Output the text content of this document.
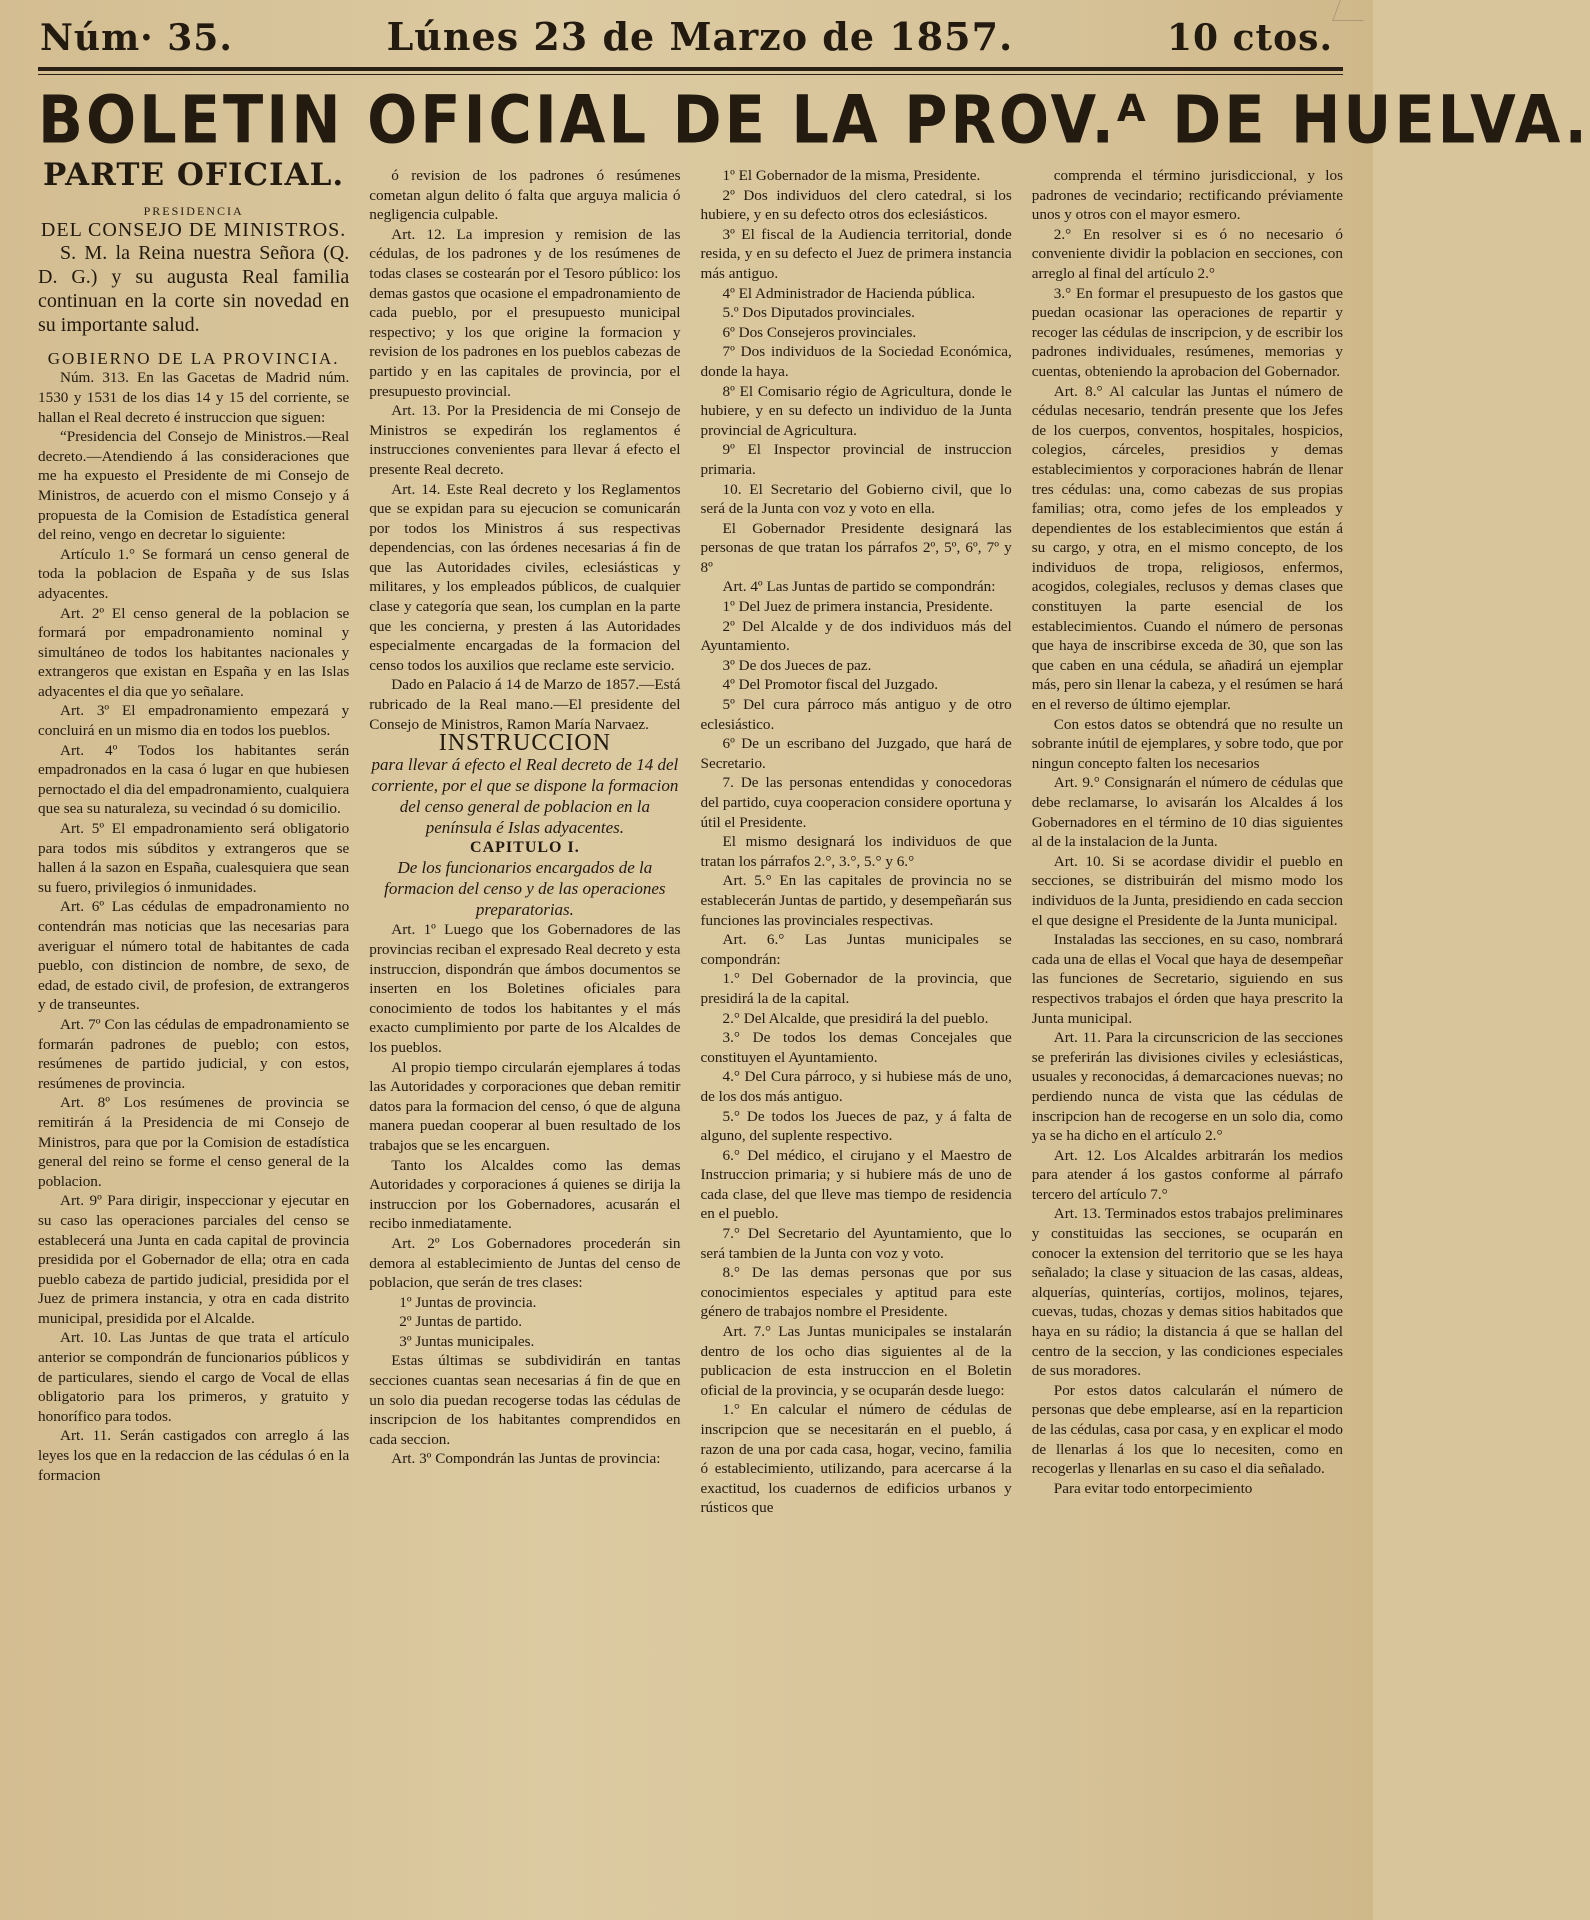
Núm· 35.	Lúnes 23 de Marzo de 1857.	10 ctos.
BOLETIN OFICIAL DE LA PROV.ᴬ DE HUELVA.
PARTE OFICIAL.

PRESIDENCIA

DEL CONSEJO DE MINISTROS.

S. M. la Reina nuestra Señora (Q. D. G.) y su augusta Real familia continuan en la corte sin novedad en su importante salud.

GOBIERNO DE LA PROVINCIA.

Núm. 313. En las Gacetas de Madrid núm. 1530 y 1531 de los dias 14 y 15 del corriente, se hallan el Real decreto é instruccion que siguen:

“Presidencia del Consejo de Ministros.—Real decreto.—Atendiendo á las consideraciones que me ha expuesto el Presidente de mi Consejo de Ministros, de acuerdo con el mismo Consejo y á propuesta de la Comision de Estadística general del reino, vengo en decretar lo siguiente:

Artículo 1.° Se formará un censo general de toda la poblacion de España y de sus Islas adyacentes.

Art. 2º El censo general de la poblacion se formará por empadronamiento nominal y simultáneo de todos los habitantes nacionales y extrangeros que existan en España y en las Islas adyacentes el dia que yo señalare.

Art. 3º El empadronamiento empezará y concluirá en un mismo dia en todos los pueblos.

Art. 4º Todos los habitantes serán empadronados en la casa ó lugar en que hubiesen pernoctado el dia del empadronamiento, cualquiera que sea su naturaleza, su vecindad ó su domicilio.

Art. 5º El empadronamiento será obligatorio para todos mis súbditos y extrangeros que se hallen á la sazon en España, cualesquiera que sean su fuero, privilegios ó inmunidades.

Art. 6º Las cédulas de empadronamiento no contendrán mas noticias que las necesarias para averiguar el número total de habitantes de cada pueblo, con distincion de nombre, de sexo, de edad, de estado civil, de profesion, de extrangeros y de transeuntes.

Art. 7º Con las cédulas de empadronamiento se formarán padrones de pueblo; con estos, resúmenes de partido judicial, y con estos, resúmenes de provincia.

Art. 8º Los resúmenes de provincia se remitirán á la Presidencia de mi Consejo de Ministros, para que por la Comision de estadística general del reino se forme el censo general de la poblacion.

Art. 9º Para dirigir, inspeccionar y ejecutar en su caso las operaciones parciales del censo se establecerá una Junta en cada capital de provincia presidida por el Gobernador de ella; otra en cada pueblo cabeza de partido judicial, presidida por el Juez de primera instancia, y otra en cada distrito municipal, presidida por el Alcalde.

Art. 10. Las Juntas de que trata el artículo anterior se compondrán de funcionarios públicos y de particulares, siendo el cargo de Vocal de ellas obligatorio para los primeros, y gratuito y honorífico para todos.

Art. 11. Serán castigados con arreglo á las leyes los que en la redaccion de las cédulas ó en la formacion

ó revision de los padrones ó resúmenes cometan algun delito ó falta que arguya malicia ó negligencia culpable.

Art. 12. La impresion y remision de las cédulas, de los padrones y de los resúmenes de todas clases se costearán por el Tesoro público: los demas gastos que ocasione el empadronamiento de cada pueblo, por el presupuesto municipal respectivo; y los que origine la formacion y revision de los padrones en los pueblos cabezas de partido y en las capitales de provincia, por el presupuesto provincial.

Art. 13. Por la Presidencia de mi Consejo de Ministros se expedirán los reglamentos é instrucciones convenientes para llevar á efecto el presente Real decreto.

Art. 14. Este Real decreto y los Reglamentos que se expidan para su ejecucion se comunicarán por todos los Ministros á sus respectivas dependencias, con las órdenes necesarias á fin de que las Autoridades civiles, eclesiásticas y militares, y los empleados públicos, de cualquier clase y categoría que sean, los cumplan en la parte que les concierna, y presten á las Autoridades especialmente encargadas de la formacion del censo todos los auxilios que reclame este servicio.

Dado en Palacio á 14 de Marzo de 1857.—Está rubricado de la Real mano.—El presidente del Consejo de Ministros, Ramon María Narvaez.

INSTRUCCION

para llevar á efecto el Real decreto de 14 del corriente, por el que se dispone la formacion del censo general de poblacion en la península é Islas adyacentes.

CAPITULO I.

De los funcionarios encargados de la formacion del censo y de las operaciones preparatorias.

Art. 1º Luego que los Gobernadores de las provincias reciban el expresado Real decreto y esta instruccion, dispondrán que ámbos documentos se inserten en los Boletines oficiales para conocimiento de todos los habitantes y el más exacto cumplimiento por parte de los Alcaldes de los pueblos.

Al propio tiempo circularán ejemplares á todas las Autoridades y corporaciones que deban remitir datos para la formacion del censo, ó que de alguna manera puedan cooperar al buen resultado de los trabajos que se les encarguen.

Tanto los Alcaldes como las demas Autoridades y corporaciones á quienes se dirija la instruccion por los Gobernadores, acusarán el recibo inmediatamente.

Art. 2º Los Gobernadores procederán sin demora al establecimiento de Juntas del censo de poblacion, que serán de tres clases:

1º Juntas de provincia.

2º Juntas de partido.

3º Juntas municipales.

Estas últimas se subdividirán en tantas secciones cuantas sean necesarias á fin de que en un solo dia puedan recogerse todas las cédulas de inscripcion de los habitantes comprendidos en cada seccion.

Art. 3º Compondrán las Juntas de provincia:

1º El Gobernador de la misma, Presidente.

2º Dos individuos del clero catedral, si los hubiere, y en su defecto otros dos eclesiásticos.

3º El fiscal de la Audiencia territorial, donde resida, y en su defecto el Juez de primera instancia más antiguo.

4º El Administrador de Hacienda pública.

5.º Dos Diputados provinciales.

6º Dos Consejeros provinciales.

7º Dos individuos de la Sociedad Económica, donde la haya.

8º El Comisario régio de Agricultura, donde le hubiere, y en su defecto un individuo de la Junta provincial de Agricultura.

9º El Inspector provincial de instruccion primaria.

10. El Secretario del Gobierno civil, que lo será de la Junta con voz y voto en ella.

El Gobernador Presidente designará las personas de que tratan los párrafos 2º, 5º, 6º, 7º y 8º

Art. 4º Las Juntas de partido se compondrán:

1º Del Juez de primera instancia, Presidente.

2º Del Alcalde y de dos individuos más del Ayuntamiento.

3º De dos Jueces de paz.

4º Del Promotor fiscal del Juzgado.

5º Del cura párroco más antiguo y de otro eclesiástico.

6º De un escribano del Juzgado, que hará de Secretario.

7. De las personas entendidas y conocedoras del partido, cuya cooperacion considere oportuna y útil el Presidente.

El mismo designará los individuos de que tratan los párrafos 2.°, 3.°, 5.° y 6.°

Art. 5.° En las capitales de provincia no se establecerán Juntas de partido, y desempeñarán sus funciones las provinciales respectivas.

Art. 6.° Las Juntas municipales se compondrán:

1.° Del Gobernador de la provincia, que presidirá la de la capital.

2.° Del Alcalde, que presidirá la del pueblo.

3.° De todos los demas Concejales que constituyen el Ayuntamiento.

4.° Del Cura párroco, y si hubiese más de uno, de los dos más antiguo.

5.° De todos los Jueces de paz, y á falta de alguno, del suplente respectivo.

6.° Del médico, el cirujano y el Maestro de Instruccion primaria; y si hubiere más de uno de cada clase, del que lleve mas tiempo de residencia en el pueblo.

7.° Del Secretario del Ayuntamiento, que lo será tambien de la Junta con voz y voto.

8.° De las demas personas que por sus conocimientos especiales y aptitud para este género de trabajos nombre el Presidente.

Art. 7.° Las Juntas municipales se instalarán dentro de los ocho dias siguientes al de la publicacion de esta instruccion en el Boletin oficial de la provincia, y se ocuparán desde luego:

1.° En calcular el número de cédulas de inscripcion que se necesitarán en el pueblo, á razon de una por cada casa, hogar, vecino, familia ó establecimiento, utilizando, para acercarse á la exactitud, los cuadernos de edificios urbanos y rústicos que

comprenda el término jurisdiccional, y los padrones de vecindario; rectificando préviamente unos y otros con el mayor esmero.

2.° En resolver si es ó no necesario ó conveniente dividir la poblacion en secciones, con arreglo al final del artículo 2.°

3.° En formar el presupuesto de los gastos que puedan ocasionar las operaciones de repartir y recoger las cédulas de inscripcion, y de escribir los padrones individuales, resúmenes, memorias y cuentas, obteniendo la aprobacion del Gobernador.

Art. 8.° Al calcular las Juntas el número de cédulas necesario, tendrán presente que los Jefes de los cuerpos, conventos, hospitales, hospicios, colegios, cárceles, presidios y demas establecimientos y corporaciones habrán de llenar tres cédulas: una, como cabezas de sus propias familias; otra, como jefes de los empleados y dependientes de los establecimientos que están á su cargo, y otra, en el mismo concepto, de los individuos de tropa, religiosos, enfermos, acogidos, colegiales, reclusos y demas clases que constituyen la parte esencial de los establecimientos. Cuando el número de personas que haya de inscribirse exceda de 30, que son las que caben en una cédula, se añadirá un ejemplar más, pero sin llenar la cabeza, y el resúmen se hará en el reverso de último ejemplar.

Con estos datos se obtendrá que no resulte un sobrante inútil de ejemplares, y sobre todo, que por ningun concepto falten los necesarios

Art. 9.° Consignarán el número de cédulas que debe reclamarse, lo avisarán los Alcaldes á los Gobernadores en el término de 10 dias siguientes al de la instalacion de la Junta.

Art. 10. Si se acordase dividir el pueblo en secciones, se distribuirán del mismo modo los individuos de la Junta, presidiendo en cada seccion el que designe el Presidente de la Junta municipal.

Instaladas las secciones, en su caso, nombrará cada una de ellas el Vocal que haya de desempeñar las funciones de Secretario, siguiendo en sus respectivos trabajos el órden que haya prescrito la Junta municipal.

Art. 11. Para la circunscricion de las secciones se preferirán las divisiones civiles y eclesiásticas, usuales y reconocidas, á demarcaciones nuevas; no perdiendo nunca de vista que las cédulas de inscripcion han de recogerse en un solo dia, como ya se ha dicho en el artículo 2.°

Art. 12. Los Alcaldes arbitrarán los medios para atender á los gastos conforme al párrafo tercero del artículo 7.°

Art. 13. Terminados estos trabajos preliminares y constituidas las secciones, se ocuparán en conocer la extension del territorio que se les haya señalado; la clase y situacion de las casas, aldeas, alquerías, quinterías, cortijos, molinos, tejares, cuevas, tudas, chozas y demas sitios habitados que haya en su rádio; la distancia á que se hallan del centro de la seccion, y las condiciones especiales de sus moradores.

Por estos datos calcularán el número de personas que debe emplearse, así en la reparticion de las cédulas, casa por casa, y en explicar el modo de llenarlas á los que lo necesiten, como en recogerlas y llenarlas en su caso el dia señalado.

Para evitar todo entorpecimiento
